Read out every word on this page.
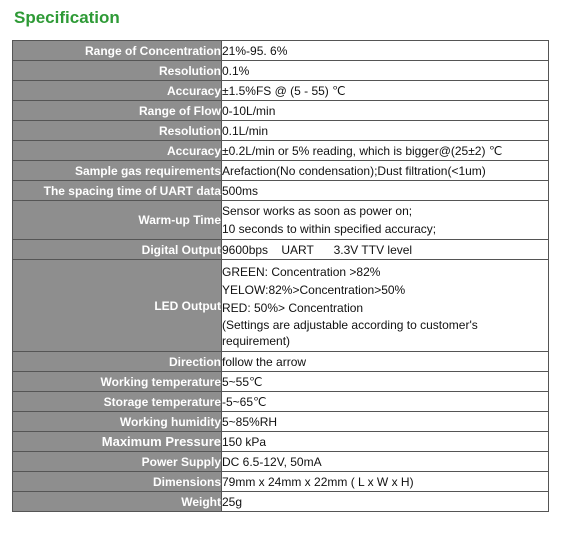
Specification
Range of Concentration	21%-95. 6%

Resolution	0.1%

Accuracy	±1.5%FS @ (5 - 55) ℃

Range of Flow	0-10L/min

Resolution	0.1L/min

Accuracy	±0.2L/min or 5% reading, which is bigger@(25±2) ℃

Sample gas requirements	Arefaction(No condensation);Dust filtration(<1um)

The spacing time of UART data	500ms

Warm-up Time	Sensor works as soon as power on;
10 seconds to within specified accuracy;

Digital Output	9600bps    UART      3.3V TTV level

LED Output	GREEN: Concentration >82%
YELOW:82%>Concentration>50%
RED: 50%> Concentration
(Settings are adjustable according to customer's requirement)

Direction	follow the arrow

Working temperature	5~55℃

Storage temperature	-5~65℃

Working humidity	5~85%RH

Maximum Pressure	150 kPa

Power Supply	DC 6.5-12V, 50mA

Dimensions	79mm x 24mm x 22mm ( L x W x H)

Weight	25g
